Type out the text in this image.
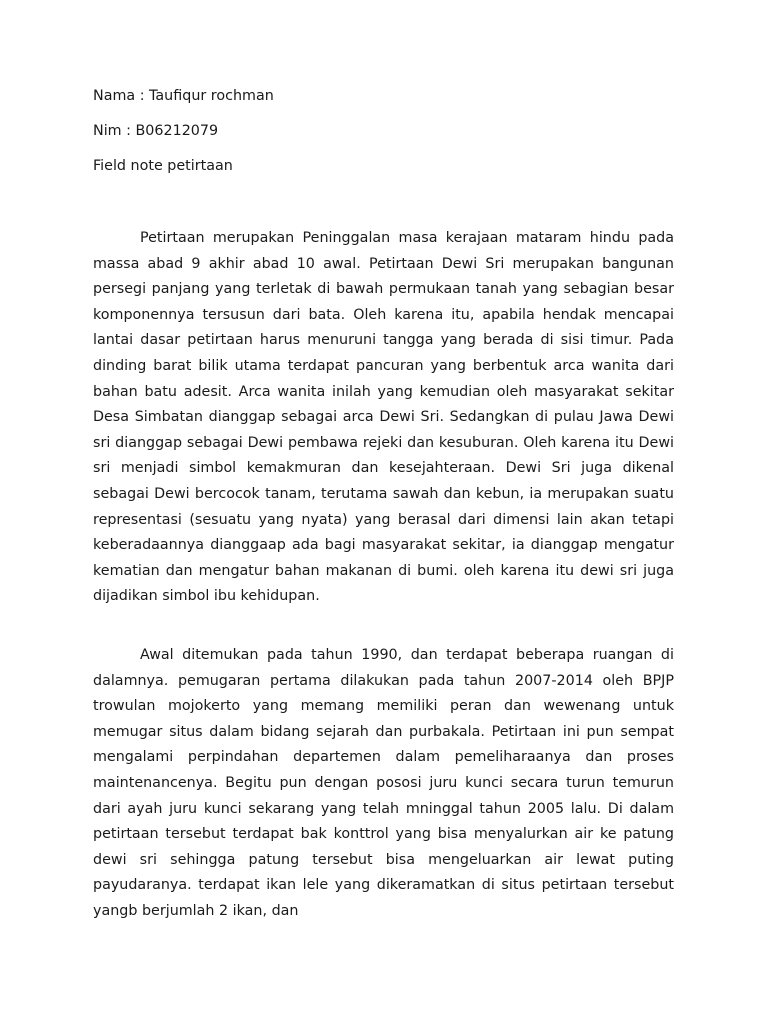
Nama : Taufiqur rochman
Nim : B06212079
Field note petirtaan

Petirtaan merupakan Peninggalan masa kerajaan mataram hindu pada massa abad 9 akhir abad 10 awal. Petirtaan Dewi Sri merupakan bangunan persegi panjang yang terletak di bawah permukaan tanah yang sebagian besar komponennya tersusun dari bata. Oleh karena itu, apabila hendak mencapai lantai dasar petirtaan harus menuruni tangga yang berada di sisi timur. Pada dinding barat bilik utama terdapat pancuran yang berbentuk arca wanita dari bahan batu adesit. Arca wanita inilah yang kemudian oleh masyarakat sekitar Desa Simbatan dianggap sebagai arca Dewi Sri. Sedangkan di pulau Jawa Dewi sri dianggap sebagai Dewi pembawa rejeki dan kesuburan. Oleh karena itu Dewi sri menjadi simbol kemakmuran dan kesejahteraan. Dewi Sri juga dikenal sebagai Dewi bercocok tanam, terutama sawah dan kebun, ia merupakan suatu representasi (sesuatu yang nyata) yang berasal dari dimensi lain akan tetapi keberadaannya dianggaap ada bagi masyarakat sekitar, ia dianggap mengatur kematian dan mengatur bahan makanan di bumi. oleh karena itu dewi sri juga dijadikan simbol ibu kehidupan.

Awal ditemukan pada tahun 1990, dan terdapat beberapa ruangan di dalamnya. pemugaran pertama dilakukan pada tahun 2007-2014 oleh BPJP trowulan mojokerto yang memang memiliki peran dan wewenang untuk memugar situs dalam bidang sejarah dan purbakala. Petirtaan ini pun sempat mengalami perpindahan departemen dalam pemeliharaanya dan proses maintenancenya. Begitu pun dengan pososi juru kunci secara turun temurun dari ayah juru kunci sekarang yang telah mninggal tahun 2005 lalu. Di dalam petirtaan tersebut terdapat bak konttrol yang bisa menyalurkan air ke patung dewi sri sehingga patung tersebut bisa mengeluarkan air lewat puting payudaranya. terdapat ikan lele yang dikeramatkan di situs petirtaan tersebut yangb berjumlah 2 ikan, dan
